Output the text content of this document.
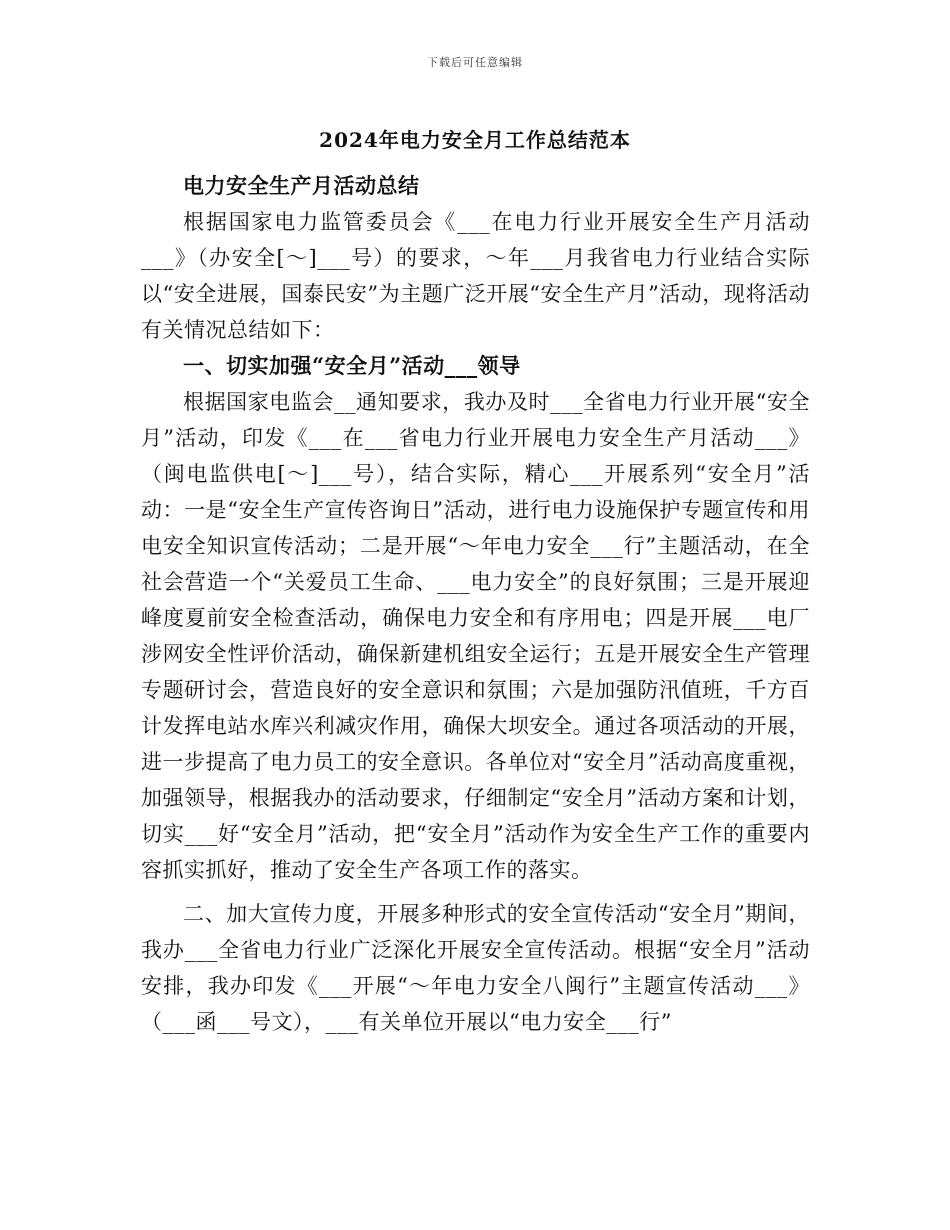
下载后可任意编辑
2024年电力安全月工作总结范本

电力安全生产月活动总结

根据国家电力监管委员会《___在电力行业开展安全生产月活动___》（办安全[～]___号）的要求，～年___月我省电力行业结合实际以“安全进展，国泰民安”为主题广泛开展“安全生产月”活动，现将活动有关情况总结如下：

一、切实加强“安全月”活动___领导

根据国家电监会__通知要求，我办及时___全省电力行业开展“安全月”活动，印发《___在___省电力行业开展电力安全生产月活动___》（闽电监供电[～]___号），结合实际，精心___开展系列“安全月”活动：一是“安全生产宣传咨询日”活动，进行电力设施保护专题宣传和用电安全知识宣传活动；二是开展“～年电力安全___行”主题活动，在全社会营造一个“关爱员工生命、___电力安全”的良好氛围；三是开展迎峰度夏前安全检查活动，确保电力安全和有序用电；四是开展___电厂涉网安全性评价活动，确保新建机组安全运行；五是开展安全生产管理专题研讨会，营造良好的安全意识和氛围；六是加强防汛值班，千方百计发挥电站水库兴利减灾作用，确保大坝安全。通过各项活动的开展，进一步提高了电力员工的安全意识。各单位对“安全月”活动高度重视，加强领导，根据我办的活动要求，仔细制定“安全月”活动方案和计划，切实___好“安全月”活动，把“安全月”活动作为安全生产工作的重要内容抓实抓好，推动了安全生产各项工作的落实。

二、加大宣传力度，开展多种形式的安全宣传活动“安全月”期间，我办___全省电力行业广泛深化开展安全宣传活动。根据“安全月”活动安排，我办印发《___开展“～年电力安全八闽行”主题宣传活动___》（___函___号文），___有关单位开展以“电力安全___行”
